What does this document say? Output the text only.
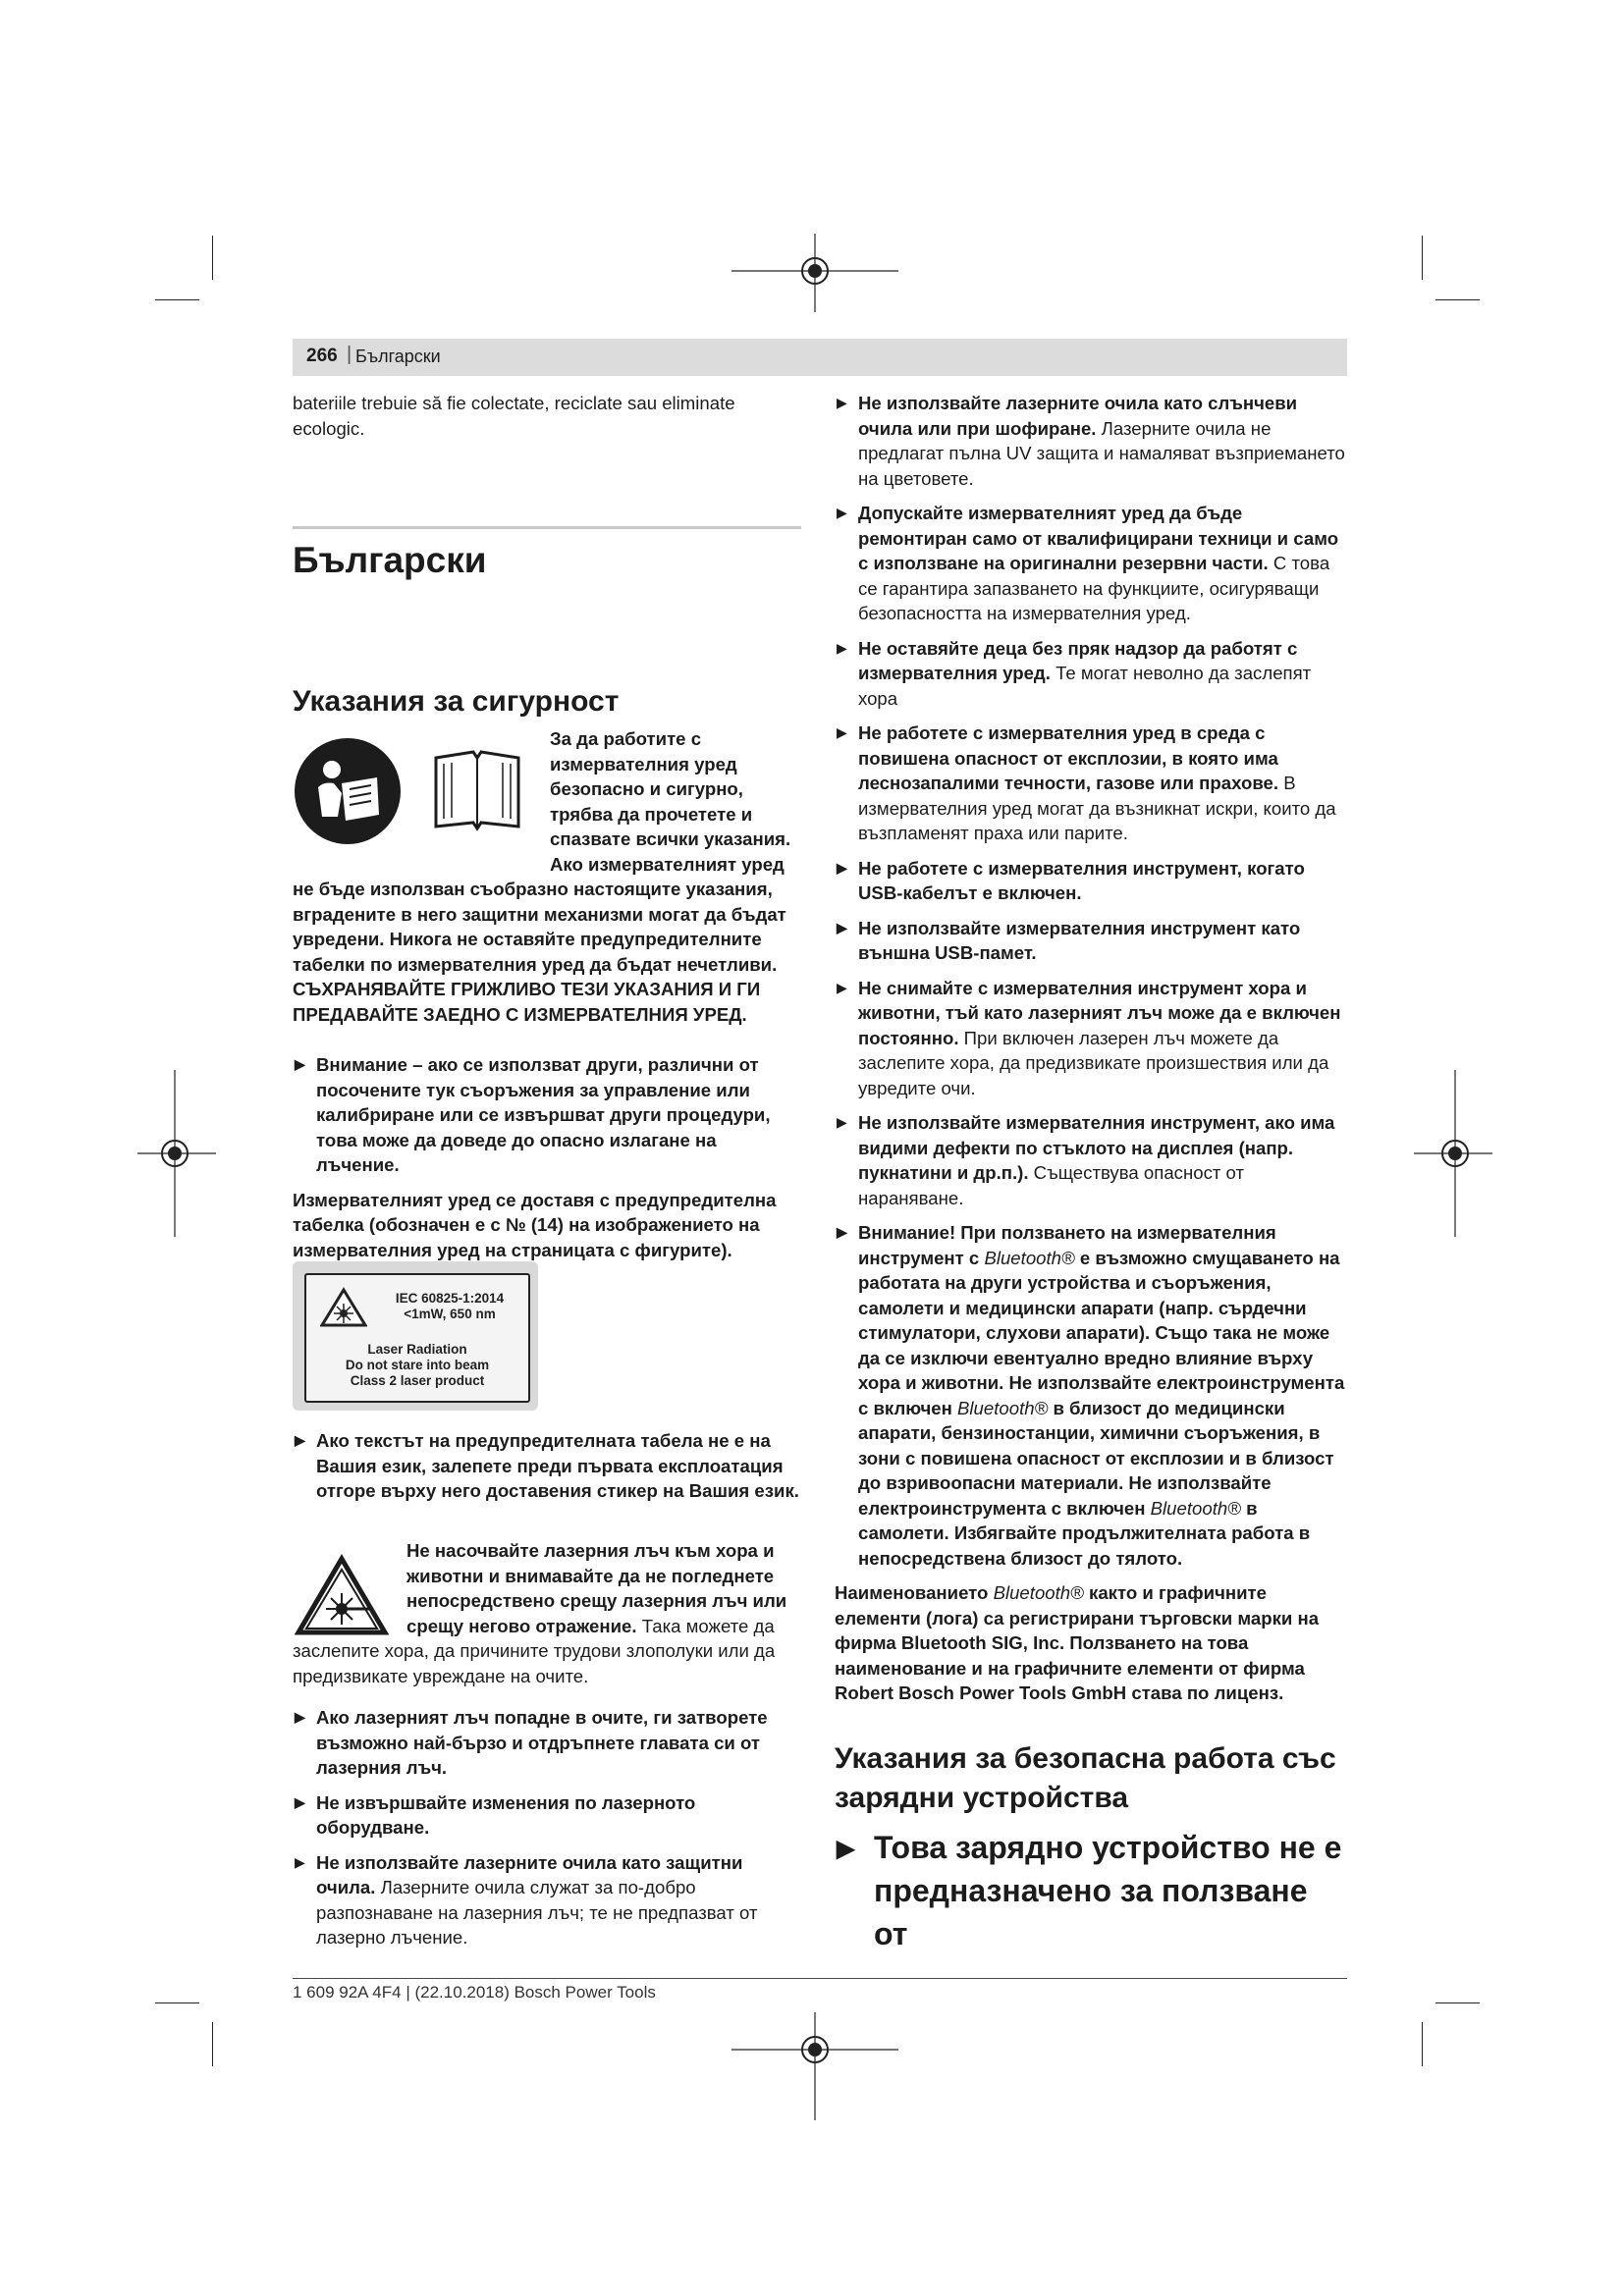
266 | Български

bateriile trebuie să fie colectate, reciclate sau eliminate ecologic.

Български
Указания за сигурност

За да работите с измервателния уред безопасно и сигурно, трябва да прочетете и спазвате всички указания. Ако измервателният уред не бъде използван съобразно настоящите указания, вградените в него защитни механизми могат да бъдат увредени. Никога не оставяйте предупредителните табелки по измервателния уред да бъдат нечетливи. СЪХРАНЯВАЙТЕ ГРИЖЛИВО ТЕЗИ УКАЗАНИЯ И ГИ ПРЕДАВАЙТЕ ЗАЕДНО С ИЗМЕРВАТЕЛНИЯ УРЕД.

▶ Внимание – ако се използват други, различни от посочените тук съоръжения за управление или калибриране или се извършват други процедури, това може да доведе до опасно излагане на лъчение.

Измервателният уред се доставя с предупредителна табелка (обозначен е с № (14) на изображението на измервателния уред на страницата с фигурите).

IEC 60825-1:2014
<1mW, 650 nm
Laser Radiation
Do not stare into beam
Class 2 laser product
▶ Ако текстът на предупредителната табела не е на Вашия език, залепете преди първата експлоатация отгоре върху него доставения стикер на Вашия език.

Не насочвайте лазерния лъч към хора и животни и внимавайте да не погледнете непосредствено срещу лазерния лъч или срещу негово отражение. Така можете да заслепите хора, да причините трудови злополуки или да предизвикате увреждане на очите.

▶ Ако лазерният лъч попадне в очите, ги затворете възможно най-бързо и отдръпнете главата си от лазерния лъч.
▶ Не извършвайте изменения по лазерното оборудване.
▶ Не използвайте лазерните очила като защитни очила. Лазерните очила служат за по-добро разпознаване на лазерния лъч; те не предпазват от лазерно лъчение.
▶ Не използвайте лазерните очила като слънчеви очила или при шофиране. Лазерните очила не предлагат пълна UV защита и намаляват възприемането на цветовете.
▶ Допускайте измервателният уред да бъде ремонтиран само от квалифицирани техници и само с използване на оригинални резервни части. С това се гарантира запазването на функциите, осигуряващи безопасността на измервателния уред.
▶ Не оставяйте деца без пряк надзор да работят с измервателния уред. Те могат неволно да заслепят хора
▶ Не работете с измервателния уред в среда с повишена опасност от експлозии, в която има леснозапалими течности, газове или прахове. В измервателния уред могат да възникнат искри, които да възпламенят праха или парите.
▶ Не работете с измервателния инструмент, когато USB-кабелът е включен.
▶ Не използвайте измервателния инструмент като външна USB-памет.
▶ Не снимайте с измервателния инструмент хора и животни, тъй като лазерният лъч може да е включен постоянно. При включен лазерен лъч можете да заслепите хора, да предизвикате произшествия или да увредите очи.
▶ Не използвайте измервателния инструмент, ако има видими дефекти по стъклото на дисплея (напр. пукнатини и др.п.). Съществува опасност от нараняване.
▶ Внимание! При ползването на измервателния инструмент с Bluetooth® е възможно смущаването на работата на други устройства и съоръжения, самолети и медицински апарати (напр. сърдечни стимулатори, слухови апарати). Също така не може да се изключи евентуално вредно влияние върху хора и животни. Не използвайте електроинструмента с включен Bluetooth® в близост до медицински апарати, бензиностанции, химични съоръжения, в зони с повишена опасност от експлозии и в близост до взривоопасни материали. Не използвайте електроинструмента с включен Bluetooth® в самолети. Избягвайте продължителната работа в непосредствена близост до тялото.

Наименованието Bluetooth® както и графичните елементи (лога) са регистрирани търговски марки на фирма Bluetooth SIG, Inc. Ползването на това наименование и на графичните елементи от фирма Robert Bosch Power Tools GmbH става по лиценз.

Указания за безопасна работа със зарядни устройства
▶ Това зарядно устройство не е предназначено за ползване от
1 609 92A 4F4 | (22.10.2018) Bosch Power Tools
